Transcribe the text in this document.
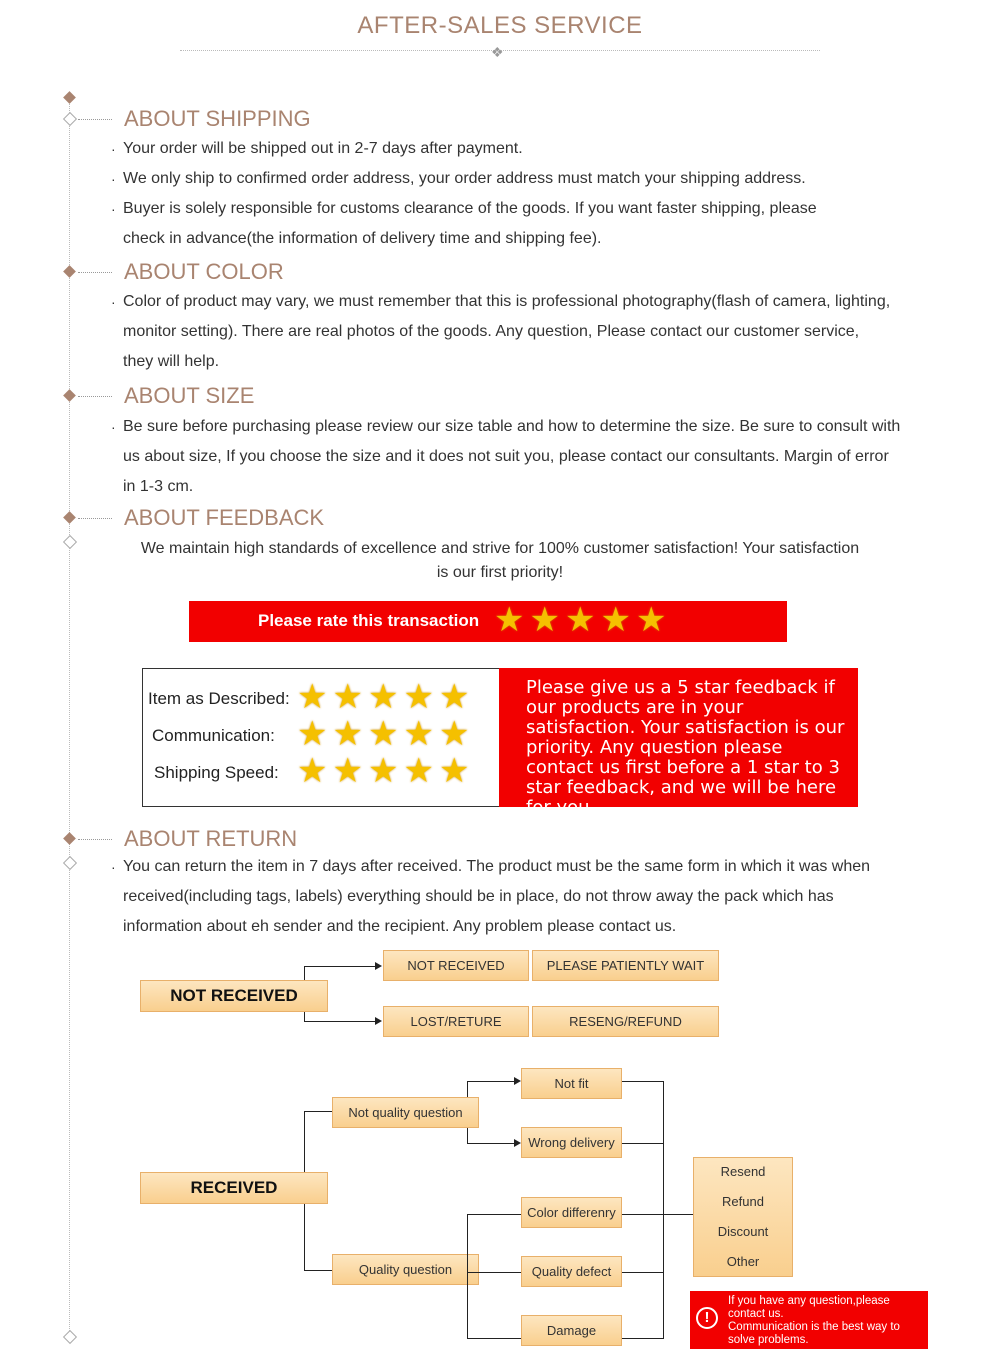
AFTER-SALES SERVICE
❖
ABOUT SHIPPING
· Your order will be shipped out in 2-7 days after payment.
· We only ship to confirmed order address, your order address must match your shipping address.
· Buyer is solely responsible for customs clearance of the goods. If you want faster shipping, please
check in advance(the information of delivery time and shipping fee).
ABOUT COLOR
· Color of product may vary, we must remember that this is professional photography(flash of camera, lighting,
monitor setting). There are real photos of the goods. Any question, Please contact our customer service,
they will help.
ABOUT SIZE
· Be sure before purchasing please review our size table and how to determine the size. Be sure to consult with
us about size, If you choose the size and it does not suit you, please contact our consultants. Margin of error
in 1-3 cm.
ABOUT FEEDBACK
We maintain high standards of excellence and strive for 100% customer satisfaction! Your satisfaction
is our first priority!
Please rate this transaction ★ ★ ★ ★ ★
Item as Described:
Communication:
Shipping Speed:
★ ★ ★ ★ ★
★ ★ ★ ★ ★
★ ★ ★ ★ ★
Please give us a 5 star feedback if our products are in your satisfaction. Your satisfaction is our priority. Any question please contact us first before a 1 star to 3 star feedback, and we will be here for you.
ABOUT RETURN
· You can return the item in 7 days after received. The product must be the same form in which it was when
received(including tags, labels) everything should be in place, do not throw away the pack which has
information about eh sender and the recipient. Any problem please contact us.
NOT RECEIVED
NOT RECEIVED	PLEASE PATIENTLY WAIT
LOST/RETURE	RESENG/REFUND
RECEIVED
Not quality question
Quality question
Not fit
Wrong delivery
Color differenry
Quality defect
Damage
Resend
Refund
Discount
Other
!
If you have any question,please contact us.
Communication is the best way to solve problems.
